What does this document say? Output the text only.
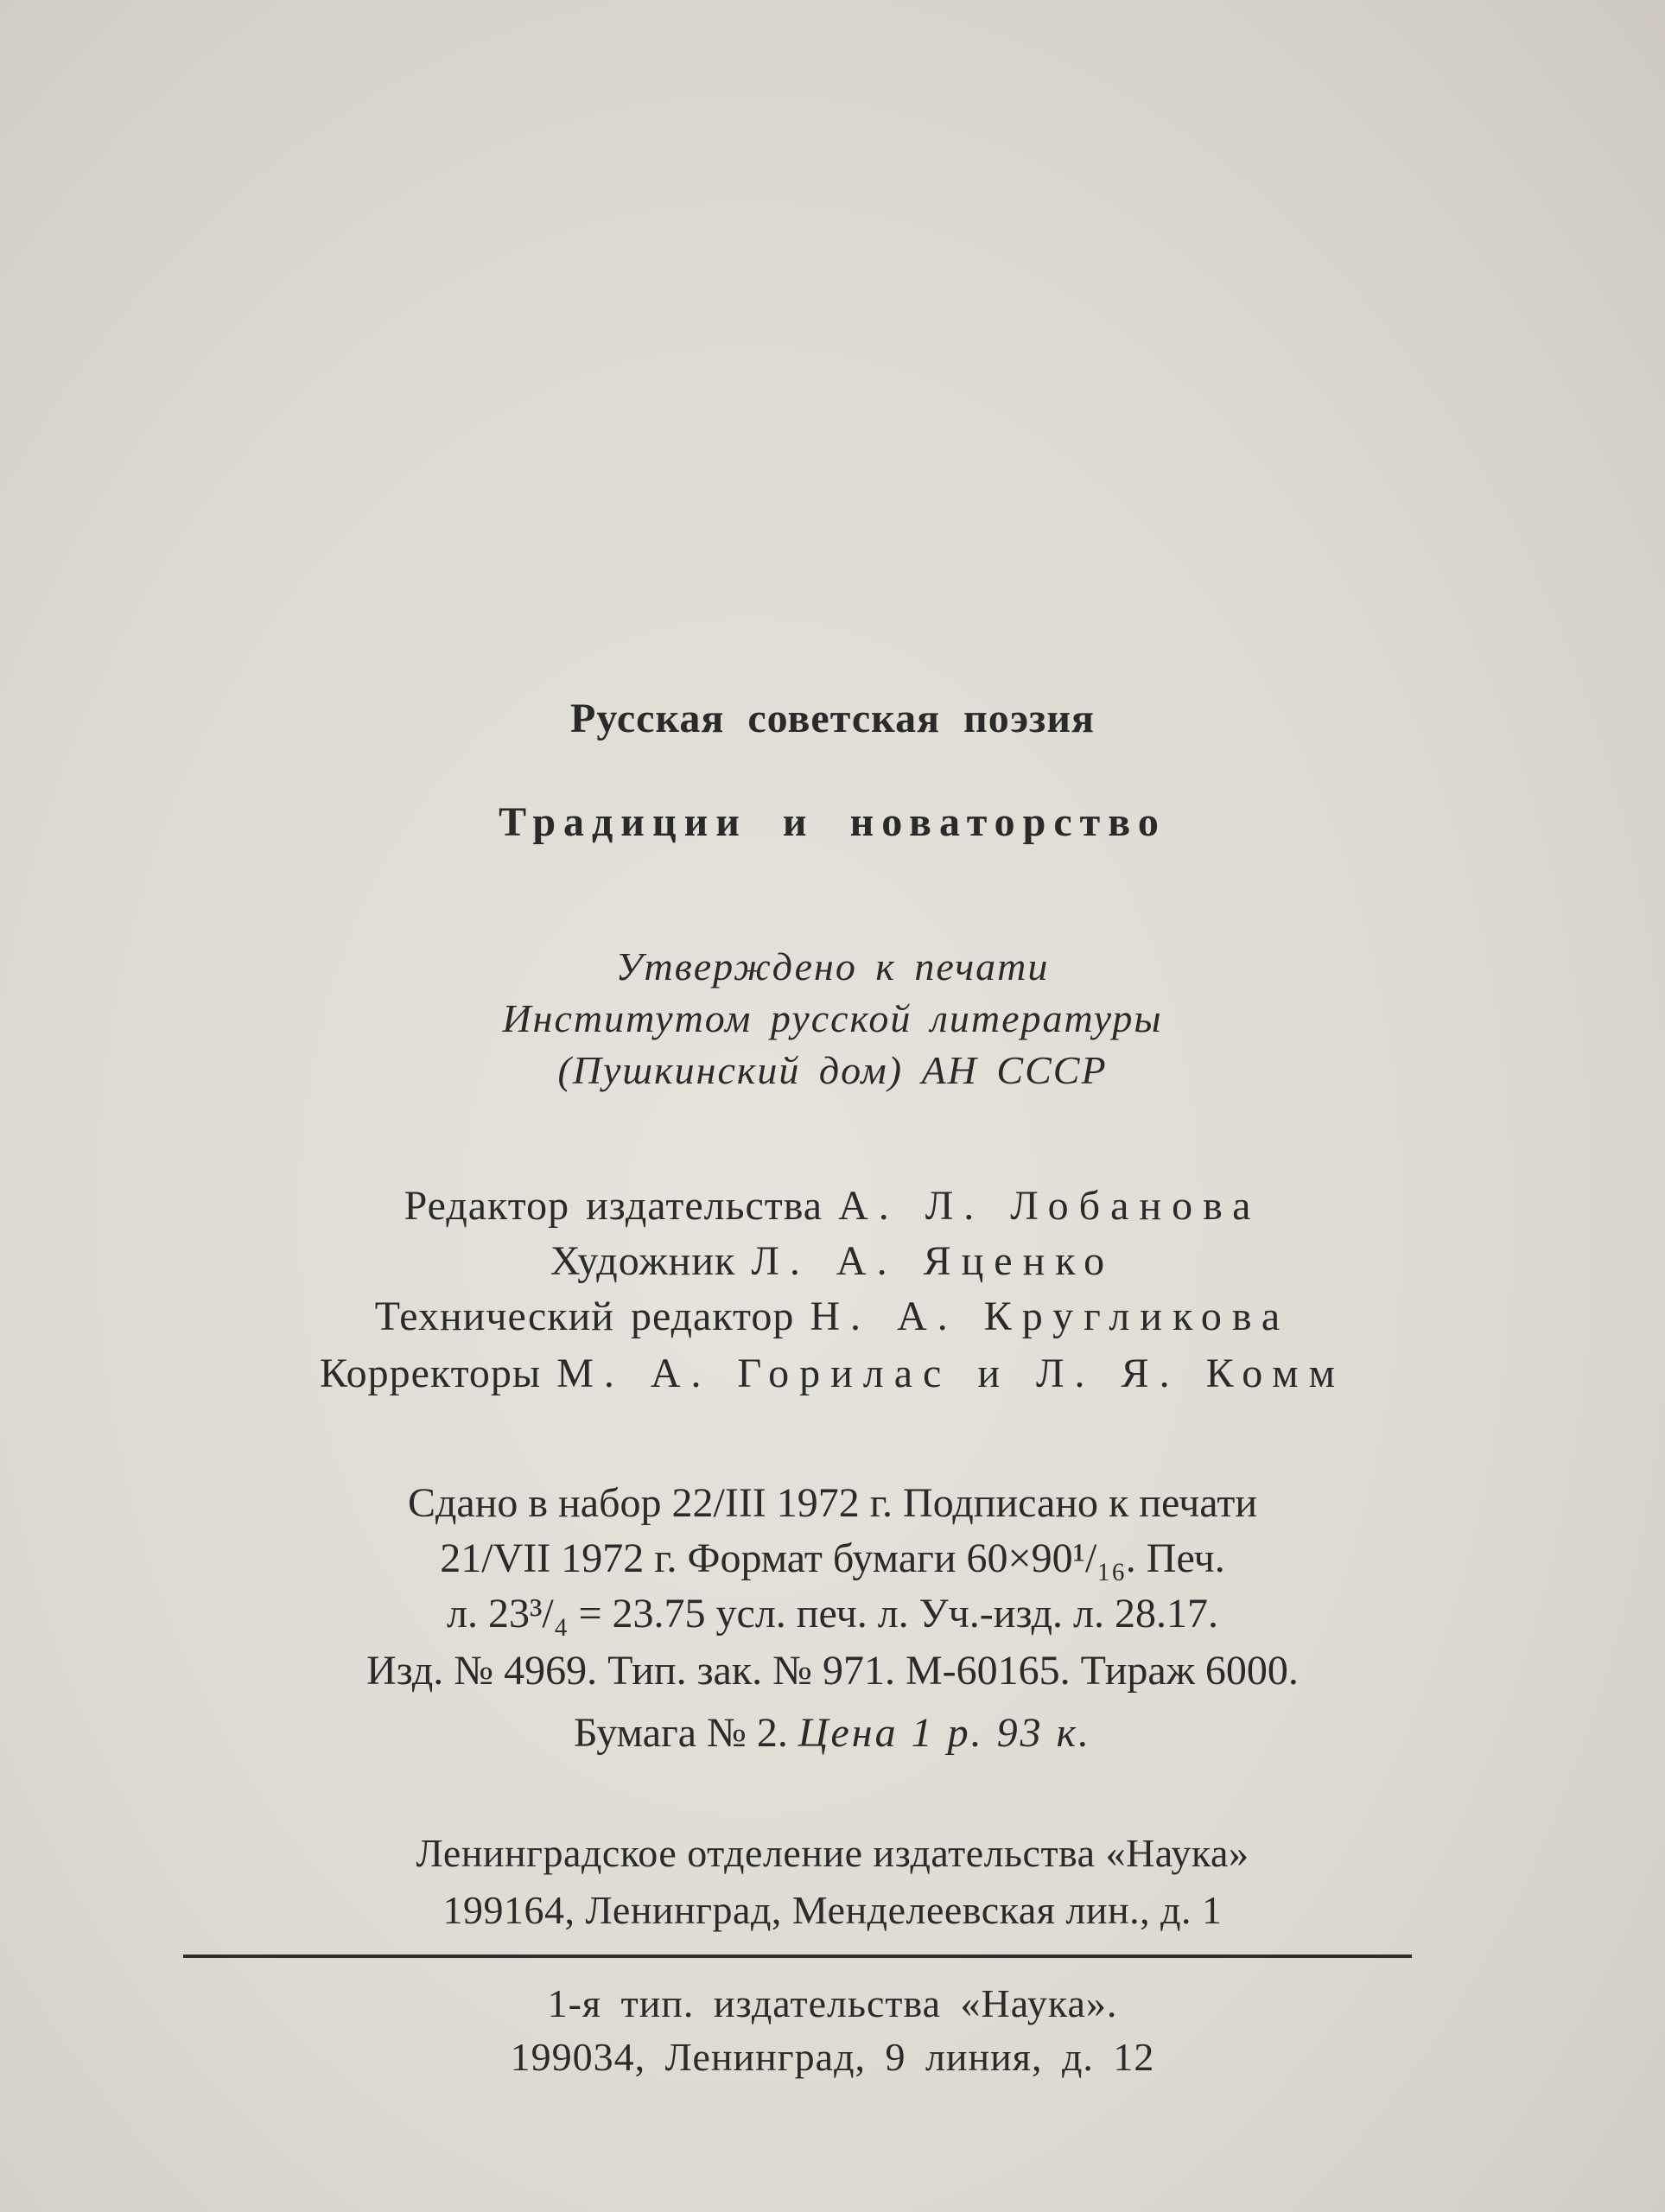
Русская советская поэзия
Традиции и новаторство
Утверждено к печати
Институтом русской литературы
(Пушкинский дом) АН СССР
Редактор издательства А. Л. Лобанова
Художник Л. А. Яценко
Технический редактор Н. А. Кругликова
Корректоры М. А. Горилас и Л. Я. Комм
Сдано в набор 22/III 1972 г. Подписано к печати
21/VII 1972 г. Формат бумаги 60×90¹/₁₆. Печ.
л. 23³/₄ = 23.75 усл. печ. л. Уч.-изд. л. 28.17.
Изд. № 4969. Тип. зак. № 971. М-60165. Тираж 6000.
Бумага № 2. Цена 1 р. 93 к.
Ленинградское отделение издательства «Наука»
199164, Ленинград, Менделеевская лин., д. 1
1-я тип. издательства «Наука».
199034, Ленинград, 9 линия, д. 12
